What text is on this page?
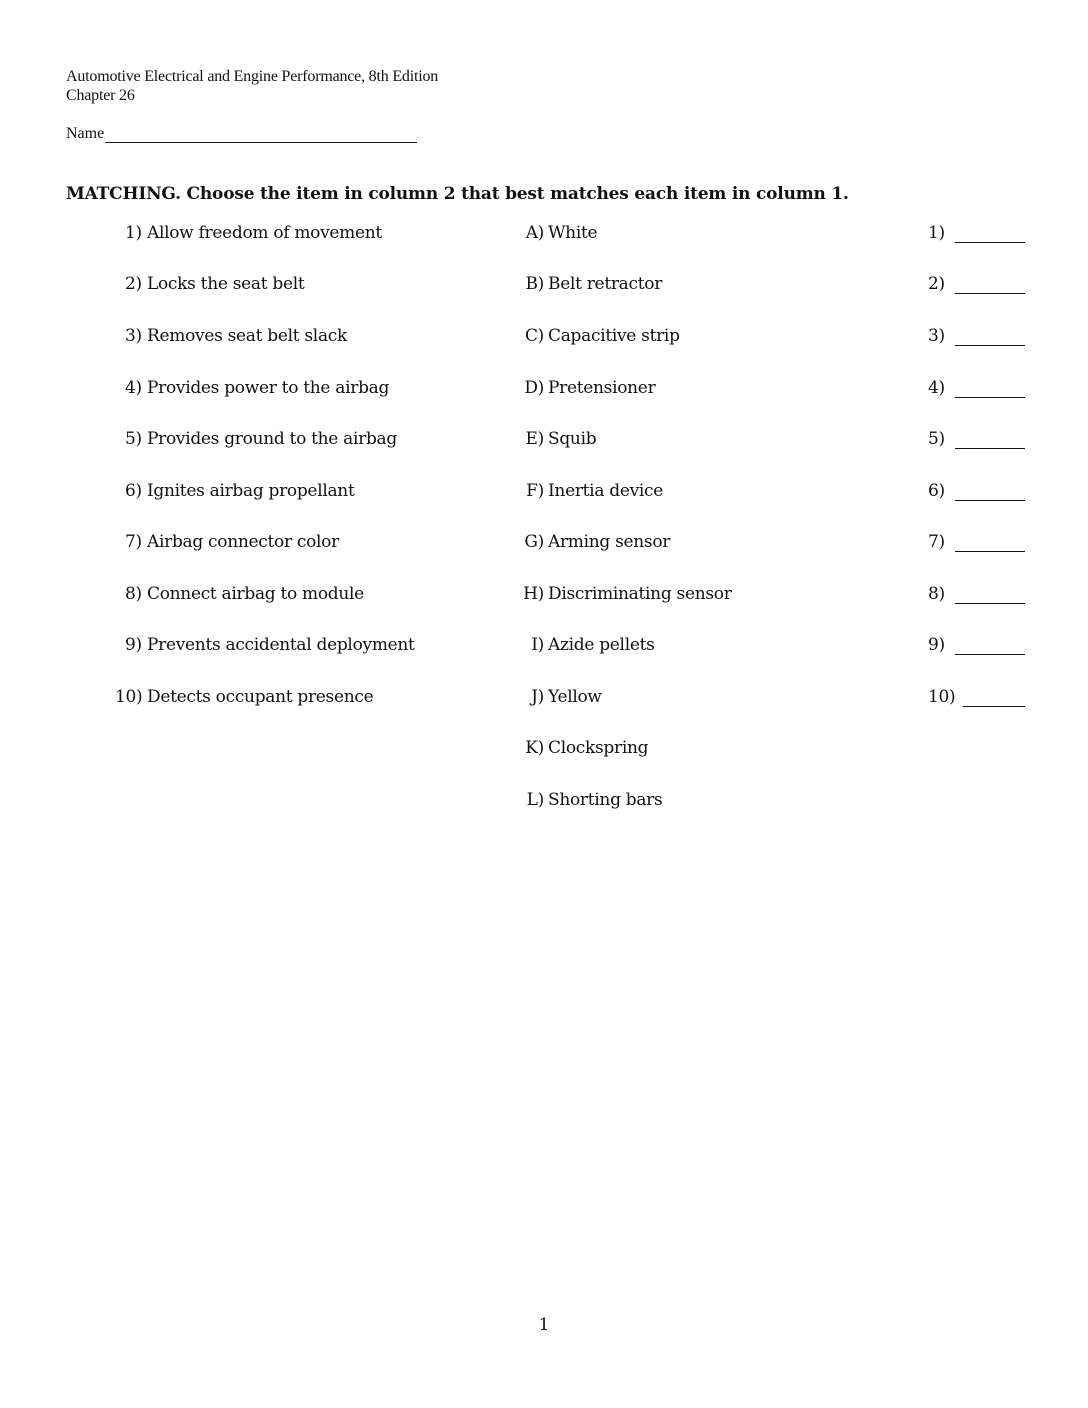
Automotive Electrical and Engine Performance, 8th Edition
Chapter 26
Name
MATCHING. Choose the item in column 2 that best matches each item in column 1.
1) Allow freedom of movement	A) White	1)
2) Locks the seat belt	B) Belt retractor	2)
3) Removes seat belt slack	C) Capacitive strip	3)
4) Provides power to the airbag	D) Pretensioner	4)
5) Provides ground to the airbag	E) Squib	5)
6) Ignites airbag propellant	F) Inertia device	6)
7) Airbag connector color	G) Arming sensor	7)
8) Connect airbag to module	H) Discriminating sensor	8)
9) Prevents accidental deployment	I) Azide pellets	9)
10) Detects occupant presence	J) Yellow	10)
K) Clockspring
L) Shorting bars
1
